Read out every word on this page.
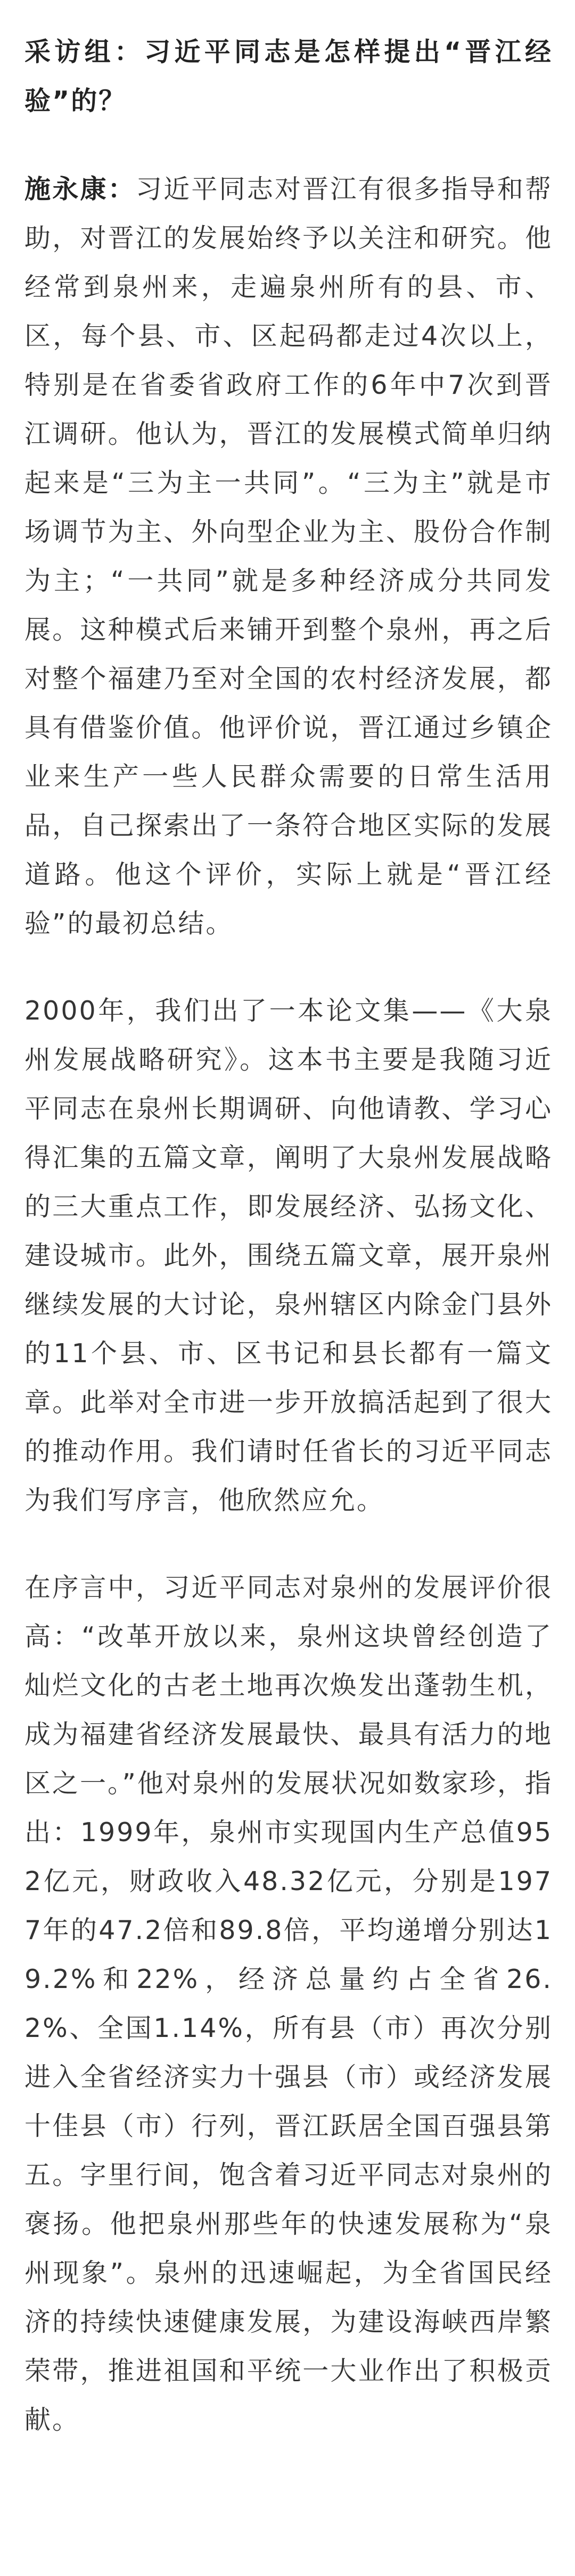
采访组：习近平同志是怎样提出“晋江经验”的？

施永康：习近平同志对晋江有很多指导和帮助，对晋江的发展始终予以关注和研究。他经常到泉州来，走遍泉州所有的县、市、区，每个县、市、区起码都走过4次以上，特别是在省委省政府工作的6年中7次到晋江调研。他认为，晋江的发展模式简单归纳起来是“三为主一共同”。“三为主”就是市场调节为主、外向型企业为主、股份合作制为主；“一共同”就是多种经济成分共同发展。这种模式后来铺开到整个泉州，再之后对整个福建乃至对全国的农村经济发展，都具有借鉴价值。他评价说，晋江通过乡镇企业来生产一些人民群众需要的日常生活用品，自己探索出了一条符合地区实际的发展道路。他这个评价，实际上就是“晋江经验”的最初总结。

2000年，我们出了一本论文集——《大泉州发展战略研究》。这本书主要是我随习近平同志在泉州长期调研、向他请教、学习心得汇集的五篇文章，阐明了大泉州发展战略的三大重点工作，即发展经济、弘扬文化、建设城市。此外，围绕五篇文章，展开泉州继续发展的大讨论，泉州辖区内除金门县外的11个县、市、区书记和县长都有一篇文章。此举对全市进一步开放搞活起到了很大的推动作用。我们请时任省长的习近平同志为我们写序言，他欣然应允。

在序言中，习近平同志对泉州的发展评价很高：“改革开放以来，泉州这块曾经创造了灿烂文化的古老土地再次焕发出蓬勃生机，成为福建省经济发展最快、最具有活力的地区之一。”他对泉州的发展状况如数家珍，指出：1999年，泉州市实现国内生产总值952亿元，财政收入48.32亿元，分别是1977年的47.2倍和89.8倍，平均递增分别达19.2%和22%，经济总量约占全省26.2%、全国1.14%，所有县（市）再次分别进入全省经济实力十强县（市）或经济发展十佳县（市）行列，晋江跃居全国百强县第五。字里行间，饱含着习近平同志对泉州的褒扬。他把泉州那些年的快速发展称为“泉州现象”。泉州的迅速崛起，为全省国民经济的持续快速健康发展，为建设海峡西岸繁荣带，推进祖国和平统一大业作出了积极贡献。
